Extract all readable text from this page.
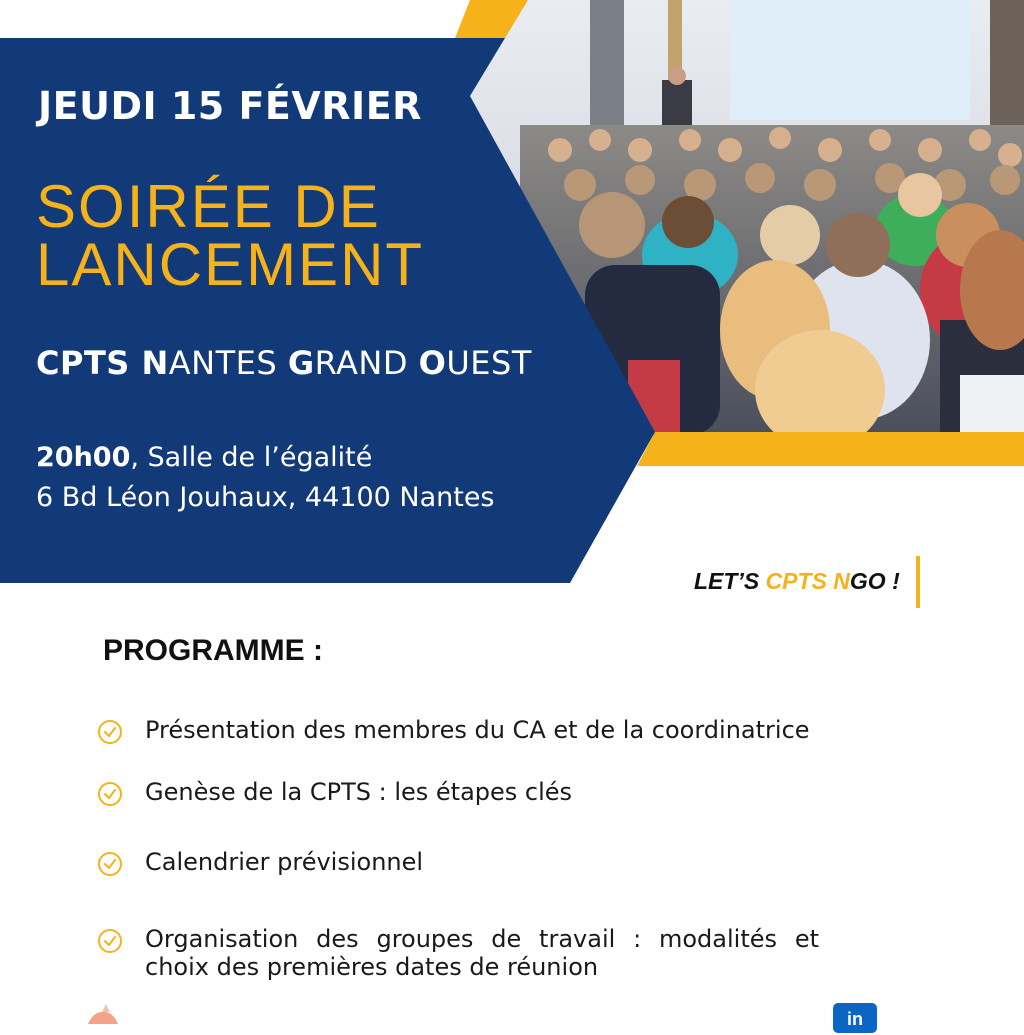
JEUDI 15 FÉVRIER
SOIRÉE DE
LANCEMENT
CPTS NANTES GRAND OUEST
20h00, Salle de l’égalité
6 Bd Léon Jouhaux, 44100 Nantes
LET’S CPTS NGO !
PROGRAMME :
Présentation des membres du CA et de la coordinatrice
Genèse de la CPTS : les étapes clés
Calendrier prévisionnel
Organisation des groupes de travail : modalités et choix des premières dates de réunion
in
